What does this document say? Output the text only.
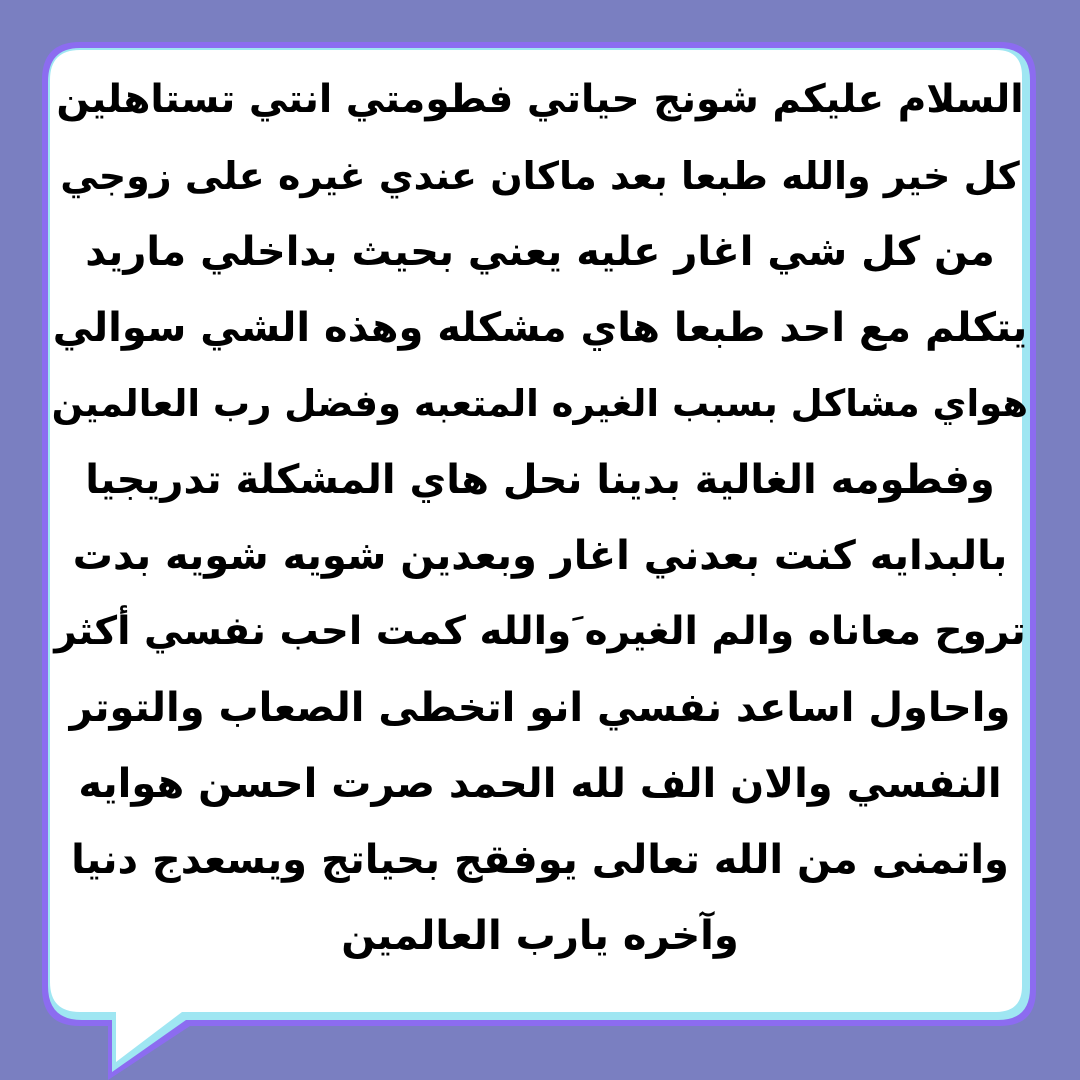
السلام عليكم شونج حياتي فطومتي انتي تستاهلين
كل خير والله طبعا بعد ماكان عندي غيره على زوجي
من كل شي اغار عليه يعني بحيث بداخلي ماريد
يتكلم مع احد طبعا هاي مشكله وهذه الشي سوالي
هواي مشاكل بسبب الغيره المتعبه وفضل رب العالمين
وفطومه الغالية بدينا نحل هاي المشكلة تدريجيا
بالبدايه كنت بعدني اغار وبعدين شويه شويه بدت
تروح معاناه والم الغيره َوالله كمت احب نفسي أكثر
واحاول اساعد نفسي انو اتخطى الصعاب والتوتر
النفسي والان الف لله الحمد صرت احسن هوايه
واتمنى من الله تعالى يوفقج بحياتج ويسعدج دنيا
وآخره يارب العالمين
